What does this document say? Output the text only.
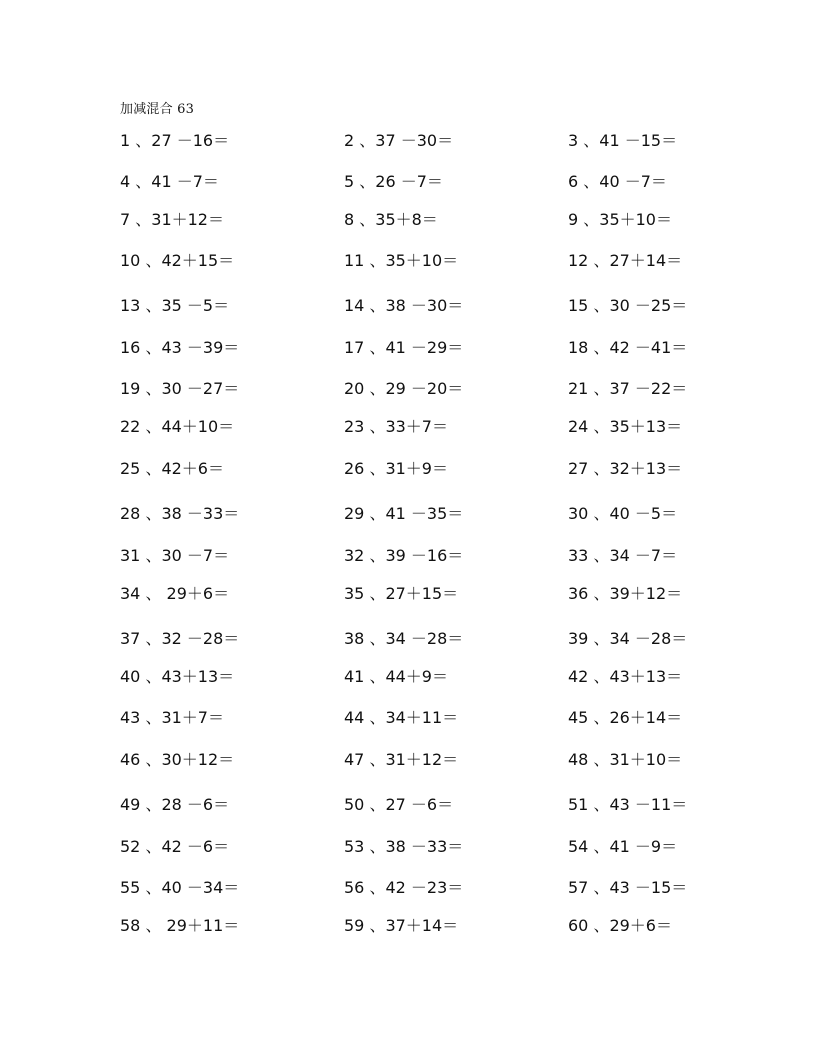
加减混合 63
1 、27 －16＝	2 、37 －30＝	3 、41 －15＝
4 、41 －7＝	5 、26 －7＝	6 、40 －7＝
7 、31＋12＝	8 、35＋8＝	9 、35＋10＝
10 、42＋15＝	11 、35＋10＝	12 、27＋14＝
13 、35 －5＝	14 、38 －30＝	15 、30 －25＝
16 、43 －39＝	17 、41 －29＝	18 、42 －41＝
19 、30 －27＝	20 、29 －20＝	21 、37 －22＝
22 、44＋10＝	23 、33＋7＝	24 、35＋13＝
25 、42＋6＝	26 、31＋9＝	27 、32＋13＝
28 、38 －33＝	29 、41 －35＝	30 、40 －5＝
31 、30 －7＝	32 、39 －16＝	33 、34 －7＝
34 、 29＋6＝	35 、27＋15＝	36 、39＋12＝
37 、32 －28＝	38 、34 －28＝	39 、34 －28＝
40 、43＋13＝	41 、44＋9＝	42 、43＋13＝
43 、31＋7＝	44 、34＋11＝	45 、26＋14＝
46 、30＋12＝	47 、31＋12＝	48 、31＋10＝
49 、28 －6＝	50 、27 －6＝	51 、43 －11＝
52 、42 －6＝	53 、38 －33＝	54 、41 －9＝
55 、40 －34＝	56 、42 －23＝	57 、43 －15＝
58 、 29＋11＝	59 、37＋14＝	60 、29＋6＝
